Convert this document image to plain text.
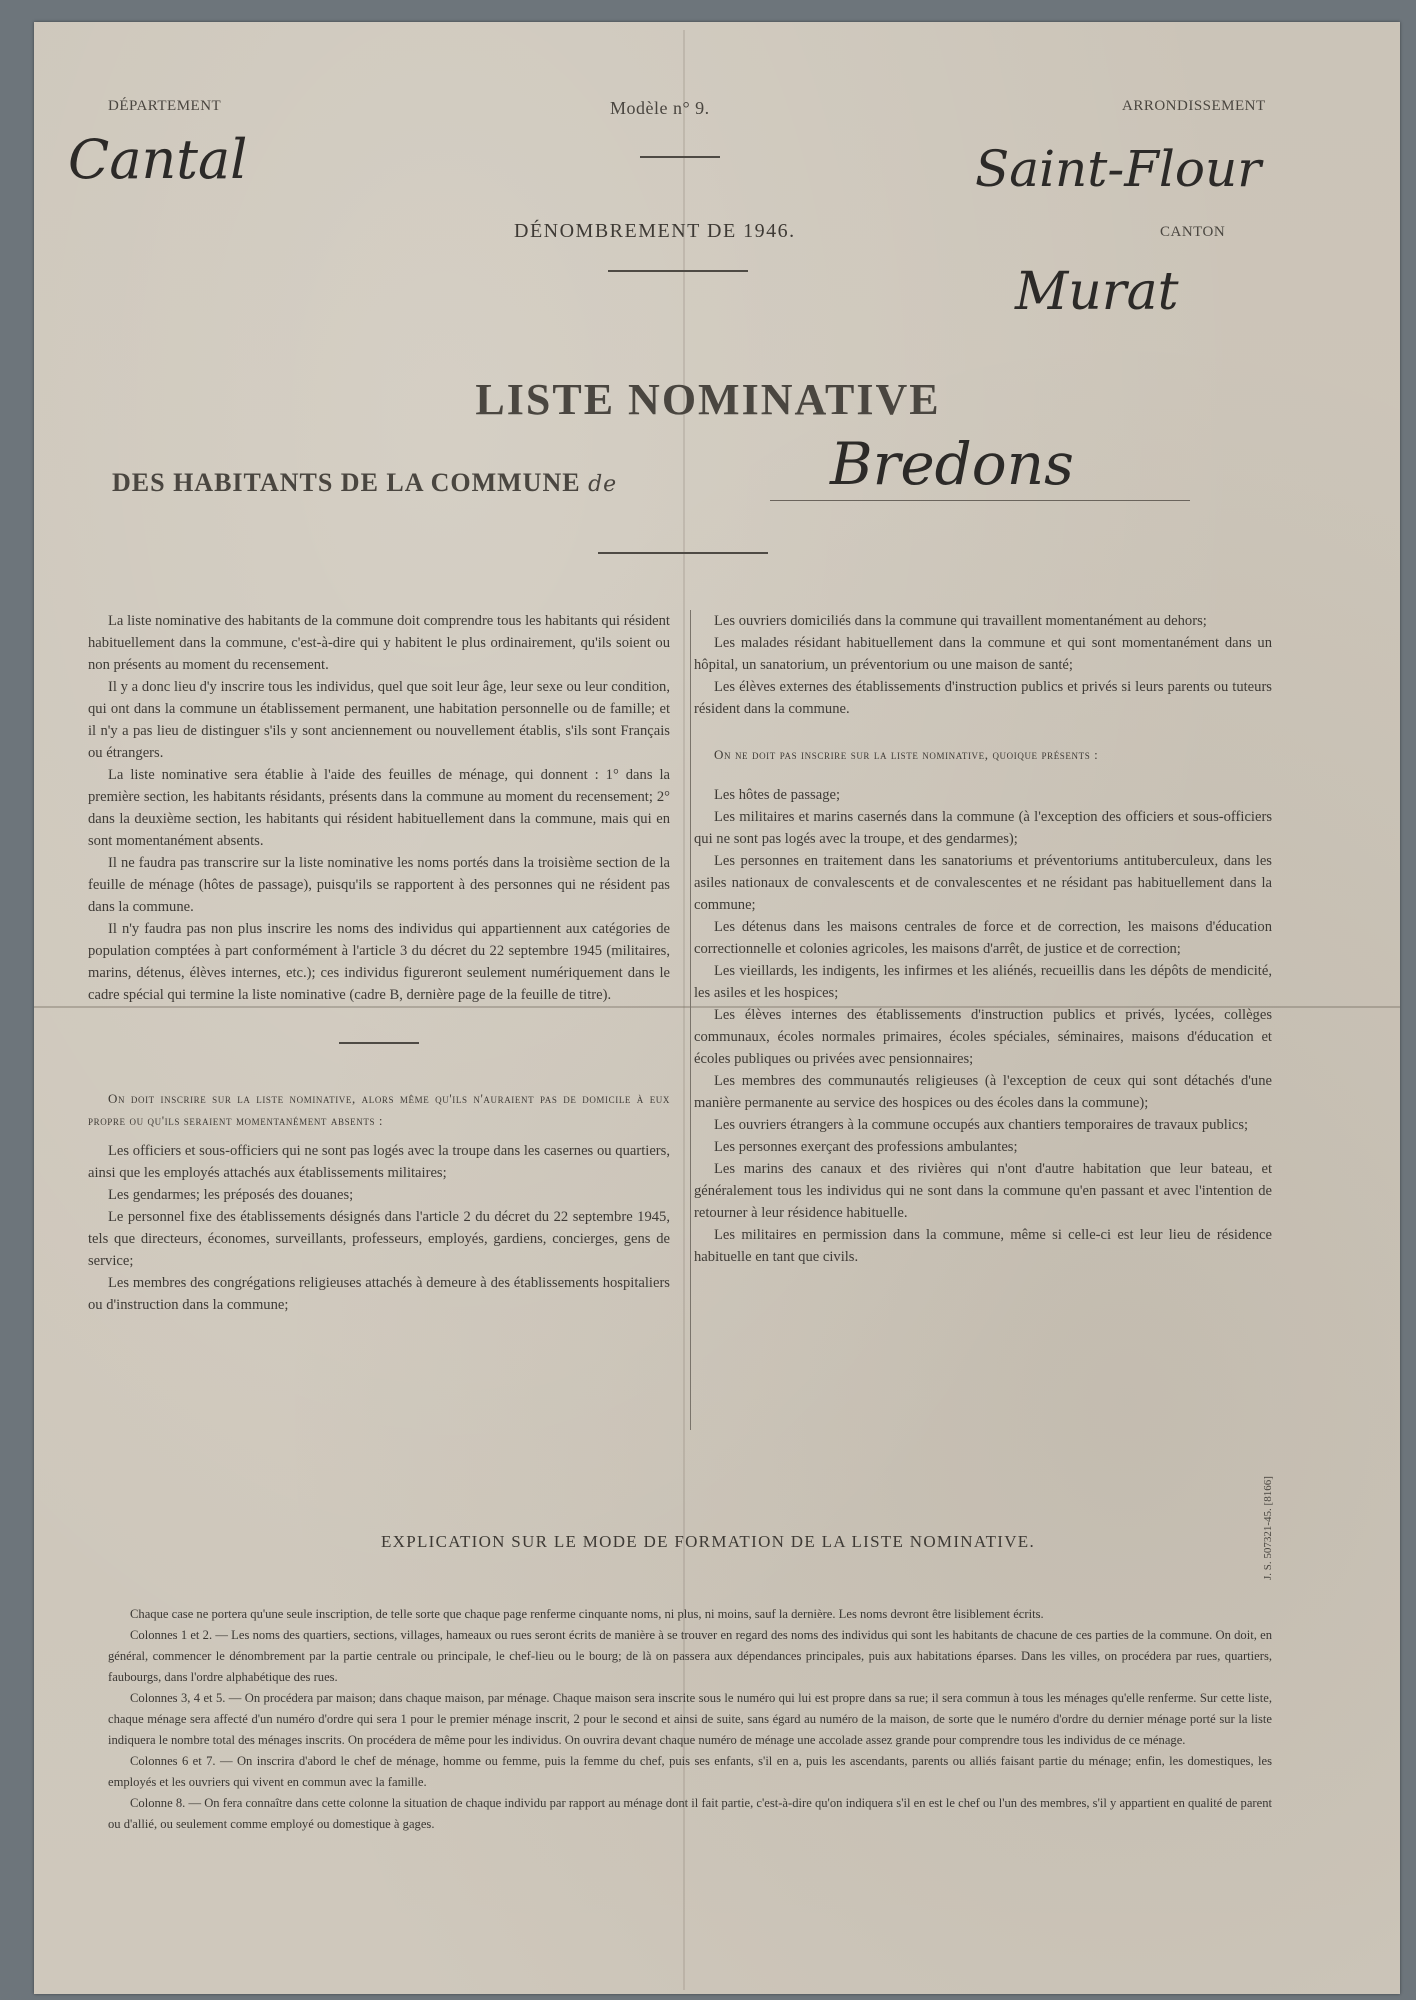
DÉPARTEMENT
Cantal
Modèle n° 9.	ARRONDISSEMENT
Saint-Flour
DÉNOMBREMENT DE 1946.	CANTON
Murat
LISTE NOMINATIVE
DES HABITANTS DE LA COMMUNE de	Bredons

La liste nominative des habitants de la commune doit comprendre tous les habitants qui résident habituellement dans la commune, c'est-à-dire qui y habitent le plus ordinairement, qu'ils soient ou non présents au moment du recensement.

Il y a donc lieu d'y inscrire tous les individus, quel que soit leur âge, leur sexe ou leur condition, qui ont dans la commune un établissement permanent, une habitation personnelle ou de famille; et il n'y a pas lieu de distinguer s'ils y sont anciennement ou nouvellement établis, s'ils sont Français ou étrangers.

La liste nominative sera établie à l'aide des feuilles de ménage, qui donnent : 1° dans la première section, les habitants résidants, présents dans la commune au moment du recensement; 2° dans la deuxième section, les habitants qui résident habituellement dans la commune, mais qui en sont momentanément absents.

Il ne faudra pas transcrire sur la liste nominative les noms portés dans la troisième section de la feuille de ménage (hôtes de passage), puisqu'ils se rapportent à des personnes qui ne résident pas dans la commune.

Il n'y faudra pas non plus inscrire les noms des individus qui appartiennent aux catégories de population comptées à part conformément à l'article 3 du décret du 22 septembre 1945 (militaires, marins, détenus, élèves internes, etc.); ces individus figureront seulement numériquement dans le cadre spécial qui termine la liste nominative (cadre B, dernière page de la feuille de titre).

On doit inscrire sur la liste nominative, alors même qu'ils n'auraient pas de domicile à eux propre ou qu'ils seraient momentanément absents :

Les officiers et sous-officiers qui ne sont pas logés avec la troupe dans les casernes ou quartiers, ainsi que les employés attachés aux établissements militaires;

Les gendarmes; les préposés des douanes;

Le personnel fixe des établissements désignés dans l'article 2 du décret du 22 septembre 1945, tels que directeurs, économes, surveillants, professeurs, employés, gardiens, concierges, gens de service;

Les membres des congrégations religieuses attachés à demeure à des établissements hospitaliers ou d'instruction dans la commune;

Les ouvriers domiciliés dans la commune qui travaillent momentanément au dehors;

Les malades résidant habituellement dans la commune et qui sont momentanément dans un hôpital, un sanatorium, un préventorium ou une maison de santé;

Les élèves externes des établissements d'instruction publics et privés si leurs parents ou tuteurs résident dans la commune.

On ne doit pas inscrire sur la liste nominative, quoique présents :

Les hôtes de passage;

Les militaires et marins casernés dans la commune (à l'exception des officiers et sous-officiers qui ne sont pas logés avec la troupe, et des gendarmes);

Les personnes en traitement dans les sanatoriums et préventoriums antituberculeux, dans les asiles nationaux de convalescents et de convalescentes et ne résidant pas habituellement dans la commune;

Les détenus dans les maisons centrales de force et de correction, les maisons d'éducation correctionnelle et colonies agricoles, les maisons d'arrêt, de justice et de correction;

Les vieillards, les indigents, les infirmes et les aliénés, recueillis dans les dépôts de mendicité, les asiles et les hospices;

Les élèves internes des établissements d'instruction publics et privés, lycées, collèges communaux, écoles normales primaires, écoles spéciales, séminaires, maisons d'éducation et écoles publiques ou privées avec pensionnaires;

Les membres des communautés religieuses (à l'exception de ceux qui sont détachés d'une manière permanente au service des hospices ou des écoles dans la commune);

Les ouvriers étrangers à la commune occupés aux chantiers temporaires de travaux publics;

Les personnes exerçant des professions ambulantes;

Les marins des canaux et des rivières qui n'ont d'autre habitation que leur bateau, et généralement tous les individus qui ne sont dans la commune qu'en passant et avec l'intention de retourner à leur résidence habituelle.

Les militaires en permission dans la commune, même si celle-ci est leur lieu de résidence habituelle en tant que civils.

EXPLICATION SUR LE MODE DE FORMATION DE LA LISTE NOMINATIVE.

Chaque case ne portera qu'une seule inscription, de telle sorte que chaque page renferme cinquante noms, ni plus, ni moins, sauf la dernière. Les noms devront être lisiblement écrits.

Colonnes 1 et 2. — Les noms des quartiers, sections, villages, hameaux ou rues seront écrits de manière à se trouver en regard des noms des individus qui sont les habitants de chacune de ces parties de la commune. On doit, en général, commencer le dénombrement par la partie centrale ou principale, le chef-lieu ou le bourg; de là on passera aux dépendances principales, puis aux habitations éparses. Dans les villes, on procédera par rues, quartiers, faubourgs, dans l'ordre alphabétique des rues.

Colonnes 3, 4 et 5. — On procédera par maison; dans chaque maison, par ménage. Chaque maison sera inscrite sous le numéro qui lui est propre dans sa rue; il sera commun à tous les ménages qu'elle renferme. Sur cette liste, chaque ménage sera affecté d'un numéro d'ordre qui sera 1 pour le premier ménage inscrit, 2 pour le second et ainsi de suite, sans égard au numéro de la maison, de sorte que le numéro d'ordre du dernier ménage porté sur la liste indiquera le nombre total des ménages inscrits. On procédera de même pour les individus. On ouvrira devant chaque numéro de ménage une accolade assez grande pour comprendre tous les individus de ce ménage.

Colonnes 6 et 7. — On inscrira d'abord le chef de ménage, homme ou femme, puis la femme du chef, puis ses enfants, s'il en a, puis les ascendants, parents ou alliés faisant partie du ménage; enfin, les domestiques, les employés et les ouvriers qui vivent en commun avec la famille.

Colonne 8. — On fera connaître dans cette colonne la situation de chaque individu par rapport au ménage dont il fait partie, c'est-à-dire qu'on indiquera s'il en est le chef ou l'un des membres, s'il y appartient en qualité de parent ou d'allié, ou seulement comme employé ou domestique à gages.

J. S. 507321-45. [8166]
